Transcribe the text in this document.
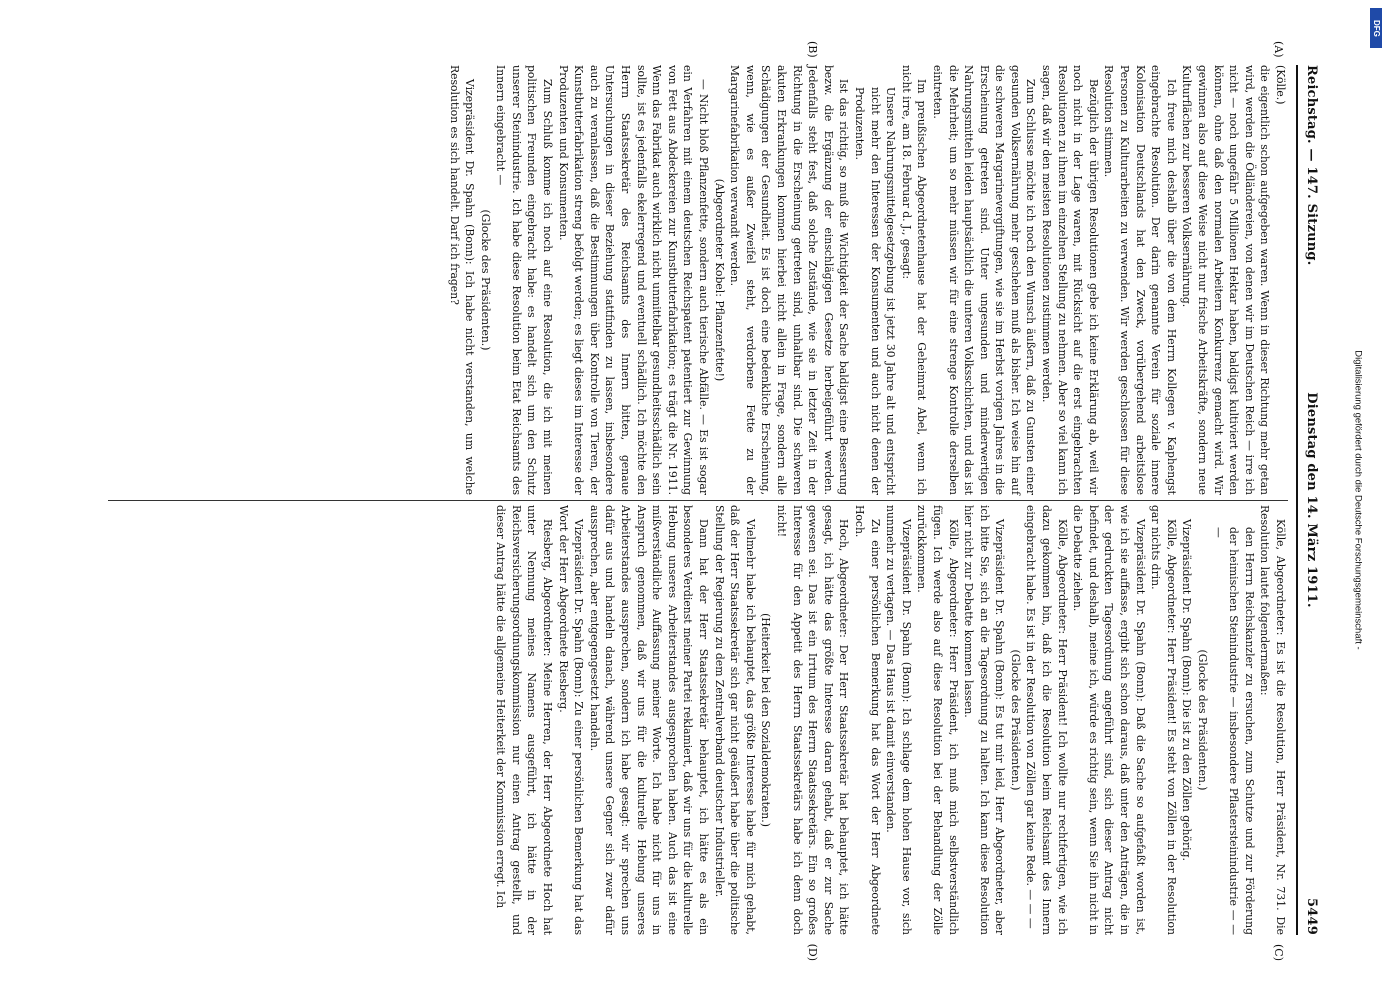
Reichstag. — 147. Sitzung.
Dienstag den 14. März 1911.
5449
(A)
(B)

(Kölle.)

die eigentlich schon aufgegeben waren. Wenn in dieser Richtung mehr getan wird, werden die Ödländereien, von denen wir im Deutschen Reich — irre ich nicht — noch ungefähr 5 Millionen Hektar haben, baldigst kultiviert werden können, ohne daß den normalen Arbeitern Konkurrenz gemacht wird. Wir gewinnen also auf diese Weise nicht nur frische Arbeitskräfte, sondern neue Kulturflächen zur besseren Volksernährung.

Ich freue mich deshalb über die von dem Herrn Kollegen v. Kaphengst eingebrachte Resolution. Der darin genannte Verein für soziale innere Kolonisation Deutschlands hat den Zweck, vorübergehend arbeitslose Personen zu Kulturarbeiten zu verwenden. Wir werden geschlossen für diese Resolution stimmen.

Bezüglich der übrigen Resolutionen gebe ich keine Erklärung ab, weil wir noch nicht in der Lage waren, mit Rücksicht auf die erst eingebrachten Resolutionen zu ihnen im einzelnen Stellung zu nehmen. Aber so viel kann ich sagen, daß wir den meisten Resolutionen zustimmen werden.

Zum Schlusse möchte ich noch den Wunsch äußern, daß zu Gunsten einer gesunden Volksernährung mehr geschehen muß als bisher. Ich weise hin auf die schweren Margarinevergiftungen, wie sie im Herbst vorigen Jahres in die Erscheinung getreten sind. Unter ungesunden und minderwertigen Nahrungsmitteln leiden hauptsächlich die unteren Volksschichten, und das ist die Mehrheit; um so mehr müssen wir für eine strenge Kontrolle derselben eintreten.

Im preußischen Abgeordnetenhause hat der Geheimrat Abel, wenn ich nicht irre, am 18. Februar d. J., gesagt:

Unsere Nahrungsmittelgesetzgebung ist jetzt 30 Jahre alt und entspricht nicht mehr den Interessen der Konsumenten und auch nicht denen der Produzenten.

Ist das richtig, so muß die Wichtigkeit der Sache baldigst eine Besserung bezw. die Ergänzung der einschlägigen Gesetze herbeigeführt werden. Jedenfalls steht fest, daß solche Zustände, wie sie in letzter Zeit in der Richtung in die Erscheinung getreten sind, unhaltbar sind. Die schweren akuten Erkrankungen kommen hierbei nicht allein in Frage, sondern alle Schädigungen der Gesundheit. Es ist doch eine bedenkliche Erscheinung, wenn, wie es außer Zweifel steht, verdorbene Fette zu der Margarinefabrikation verwandt werden.

(Abgeordneter Kobel: Pflanzenfette!)

— Nicht bloß Pflanzenfette, sondern auch tierische Abfälle. — Es ist sogar ein Verfahren mit einem deutschen Reichspatent patentiert zur Gewinnung von Fett aus Abdeckereien zur Kunstbutterfabrikation; es trägt die Nr. 1911. Wenn das Fabrikat auch wirklich nicht unmittelbar gesundheitsschädlich sein sollte, ist es jedenfalls ekelerregend und eventuell schädlich. Ich möchte den Herrn Staatssekretär des Reichsamts des Innern bitten, genaue Untersuchungen in dieser Beziehung stattfinden zu lassen, insbesondere auch zu veranlassen, daß die Bestimmungen über Kontrolle von Tieren, der Kunstbutterfabrikation streng befolgt werden; es liegt dieses im Interesse der Produzenten und Konsumenten.

Zum Schluß komme ich noch auf eine Resolution, die ich mit meinen politischen Freunden eingebracht habe: es handelt sich um den Schutz unserer Steinindustrie. Ich habe diese Resolution beim Etat Reichsamts des Innern eingebracht —

(Glocke des Präsidenten.)

Vizepräsident Dr. Spahn (Bonn): Ich habe nicht verstanden, um welche Resolution es sich handelt. Darf ich fragen?

(C)
(D)

Kölle, Abgeordneter: Es ist die Resolution, Herr Präsident, Nr. 731. Die Resolution lautet folgendermaßen:

den Herrn Reichskanzler zu ersuchen, zum Schutze und zur Förderung der heimischen Steinindustrie — insbesondere Pflastersteinindustrie — — —

(Glocke des Präsidenten.)

Vizepräsident Dr. Spahn (Bonn): Die ist zu den Zöllen gehörig.

Kölle, Abgeordneter: Herr Präsident! Es steht von Zöllen in der Resolution gar nichts drin.

Vizepräsident Dr. Spahn (Bonn): Daß die Sache so aufgefaßt worden ist, wie ich sie auffasse, ergibt sich schon daraus, daß unter den Anträgen, die in der gedruckten Tagesordnung angeführt sind, sich dieser Antrag nicht befindet, und deshalb, meine ich, würde es richtig sein, wenn Sie ihn nicht in die Debatte ziehen.

Kölle, Abgeordneter: Herr Präsident! Ich wollte nur rechtfertigen, wie ich dazu gekommen bin, daß ich die Resolution beim Reichsamt des Innern eingebracht habe. Es ist in der Resolution von Zöllen gar keine Rede. — — —

(Glocke des Präsidenten.)

Vizepräsident Dr. Spahn (Bonn): Es tut mir leid, Herr Abgeordneter, aber ich bitte Sie, sich an die Tagesordnung zu halten. Ich kann diese Resolution hier nicht zur Debatte kommen lassen.

Kölle, Abgeordneter: Herr Präsident, ich muß mich selbstverständlich fügen. Ich werde also auf diese Resolution bei der Behandlung der Zölle zurückkommen.

Vizepräsident Dr. Spahn (Bonn): Ich schlage dem hohen Hause vor, sich nunmehr zu vertagen. — Das Haus ist damit einverstanden.

Zu einer persönlichen Bemerkung hat das Wort der Herr Abgeordnete Hoch.

Hoch, Abgeordneter: Der Herr Staatssekretär hat behauptet, ich hätte gesagt, ich hätte das größte Interesse daran gehabt, daß er zur Sache gewesen sei. Das ist ein Irrtum des Herrn Staatssekretärs. Ein so großes Interesse für den Appetit des Herrn Staatssekretärs habe ich denn doch nicht!

(Heiterkeit bei den Sozialdemokraten.)

Vielmehr habe ich behauptet, das größte Interesse habe für mich gehabt, daß der Herr Staatssekretär sich gar nicht geäußert habe über die politische Stellung der Regierung zu dem Zentralverband deutscher Industrieller.

Dann hat der Herr Staatssekretär behauptet, ich hätte es als ein besonderes Verdienst meiner Partei reklamiert, daß wir uns für die kulturelle Hebung unseres Arbeiterstandes ausgesprochen haben. Auch das ist eine mißverständliche Auffassung meiner Worte. Ich habe nicht für uns in Anspruch genommen, daß wir uns für die kulturelle Hebung unseres Arbeiterstandes aussprechen, sondern ich habe gesagt: wir sprechen uns dafür aus und handeln danach, während unsere Gegner sich zwar dafür aussprechen, aber entgegengesetzt handeln.

Vizepräsident Dr. Spahn (Bonn): Zu einer persönlichen Bemerkung hat das Wort der Herr Abgeordnete Riesberg.

Riesberg, Abgeordneter: Meine Herren, der Herr Abgeordnete Hoch hat unter Nennung meines Namens ausgeführt, ich hätte in der Reichsversicherungsordnungskommission nur einen Antrag gestellt, und dieser Antrag hätte die allgemeine Heiterkeit der Kommission erregt. Ich

Digitalisierung gefördert durch die Deutsche Forschungsgemeinschaft -
DFG
